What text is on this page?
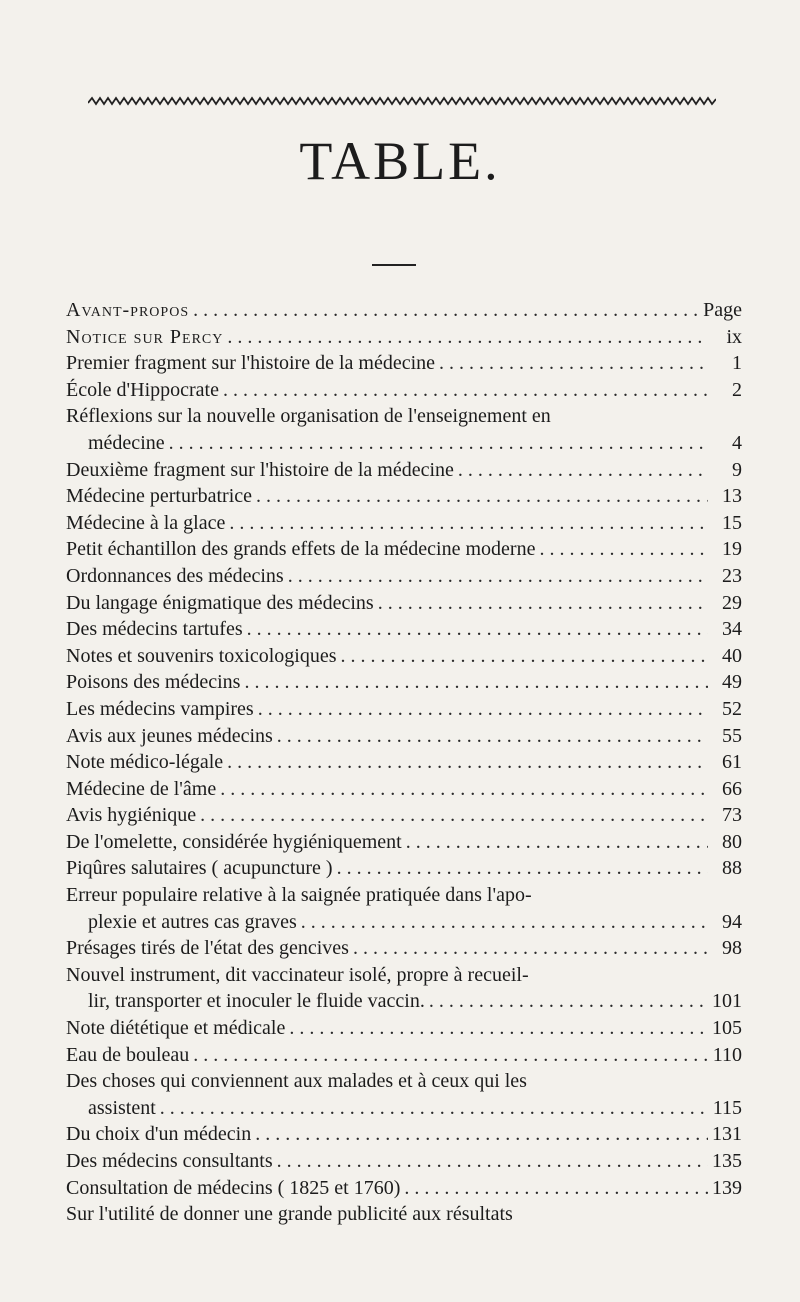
TABLE.
Avant-propos . . .	Page
Notice sur Percy . . .	ix
Premier fragment sur l'histoire de la médecine . . .	1
École d'Hippocrate . . .	2
Réflexions sur la nouvelle organisation de l'enseignement en
médecine . . .	4
Deuxième fragment sur l'histoire de la médecine . . .	9
Médecine perturbatrice . . .	13
Médecine à la glace . . .	15
Petit échantillon des grands effets de la médecine moderne . . .	19
Ordonnances des médecins . . .	23
Du langage énigmatique des médecins . . .	29
Des médecins tartufes . . .	34
Notes et souvenirs toxicologiques . . .	40
Poisons des médecins . . .	49
Les médecins vampires . . .	52
Avis aux jeunes médecins . . .	55
Note médico-légale . . .	61
Médecine de l'âme . . .	66
Avis hygiénique . . .	73
De l'omelette, considérée hygiéniquement . . .	80
Piqûres salutaires ( acupuncture ) . . .	88
Erreur populaire relative à la saignée pratiquée dans l'apo-
plexie et autres cas graves . . .	94
Présages tirés de l'état des gencives . . .	98
Nouvel instrument, dit vaccinateur isolé, propre à recueil-
lir, transporter et inoculer le fluide vaccin. . . .	101
Note diététique et médicale . . .	105
Eau de bouleau . . .	110
Des choses qui conviennent aux malades et à ceux qui les
assistent . . .	115
Du choix d'un médecin . . .	131
Des médecins consultants . . .	135
Consultation de médecins ( 1825 et 1760) . . .	139
Sur l'utilité de donner une grande publicité aux résultats
